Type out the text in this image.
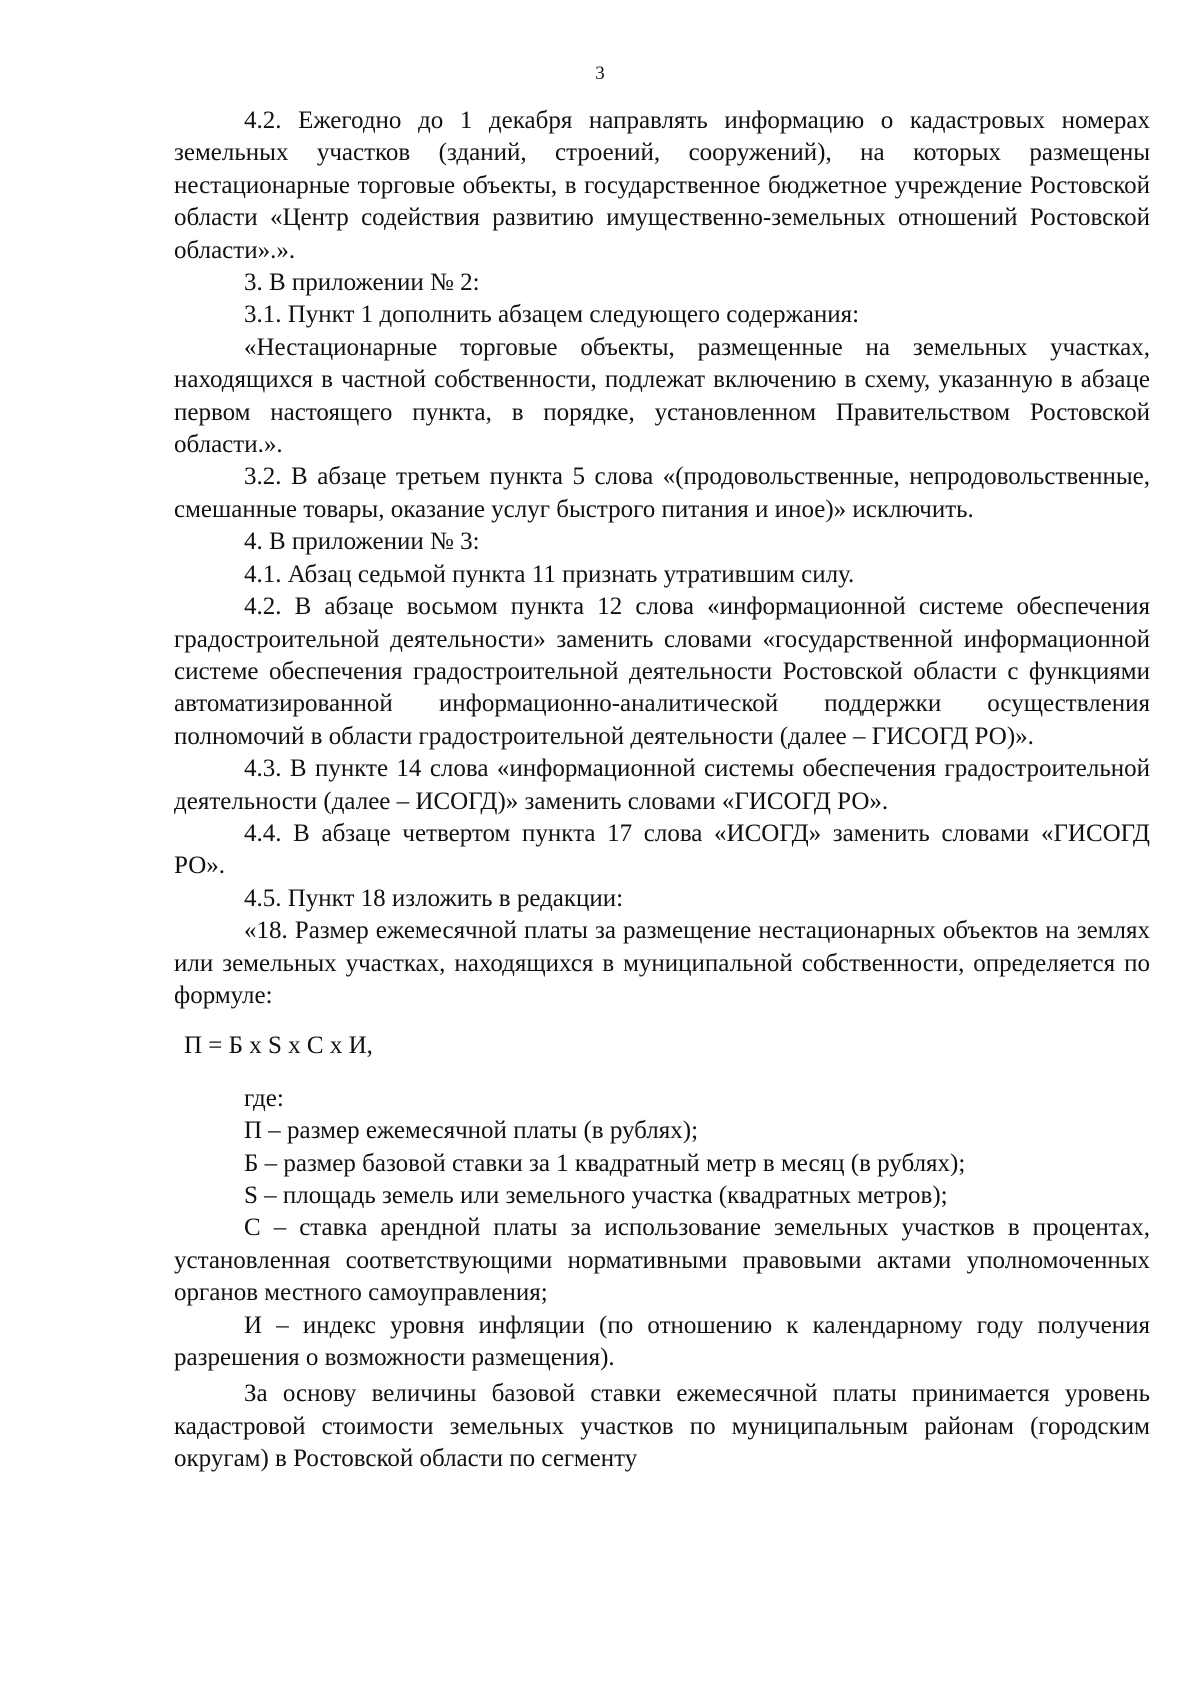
3

4.2. Ежегодно до 1 декабря направлять информацию о кадастровых номерах земельных участков (зданий, строений, сооружений), на которых размещены нестационарные торговые объекты, в государственное бюджетное учреждение Ростовской области «Центр содействия развитию имущественно-земельных отношений Ростовской области».».

3. В приложении № 2:

3.1. Пункт 1 дополнить абзацем следующего содержания:

«Нестационарные торговые объекты, размещенные на земельных участках, находящихся в частной собственности, подлежат включению в схему, указанную в абзаце первом настоящего пункта, в порядке, установленном Правительством Ростовской области.».

3.2. В абзаце третьем пункта 5 слова «(продовольственные, непродовольственные, смешанные товары, оказание услуг быстрого питания и иное)» исключить.

4. В приложении № 3:

4.1. Абзац седьмой пункта 11 признать утратившим силу.

4.2. В абзаце восьмом пункта 12 слова «информационной системе обеспечения градостроительной деятельности» заменить словами «государственной информационной системе обеспечения градостроительной деятельности Ростовской области с функциями автоматизированной информационно-аналитической поддержки осуществления полномочий в области градостроительной деятельности (далее – ГИСОГД РО)».

4.3. В пункте 14 слова «информационной системы обеспечения градостроительной деятельности (далее – ИСОГД)» заменить словами «ГИСОГД РО».

4.4. В абзаце четвертом пункта 17 слова «ИСОГД» заменить словами «ГИСОГД РО».

4.5. Пункт 18 изложить в редакции:

«18. Размер ежемесячной платы за размещение нестационарных объектов на землях или земельных участках, находящихся в муниципальной собственности, определяется по формуле:

П = Б х S х С х И,

где:

П – размер ежемесячной платы (в рублях);

Б – размер базовой ставки за 1 квадратный метр в месяц (в рублях);

S – площадь земель или земельного участка (квадратных метров);

С – ставка арендной платы за использование земельных участков в процентах, установленная соответствующими нормативными правовыми актами уполномоченных органов местного самоуправления;

И – индекс уровня инфляции (по отношению к календарному году получения разрешения о возможности размещения).

За основу величины базовой ставки ежемесячной платы принимается уровень кадастровой стоимости земельных участков по муниципальным районам (городским округам) в Ростовской области по сегменту
